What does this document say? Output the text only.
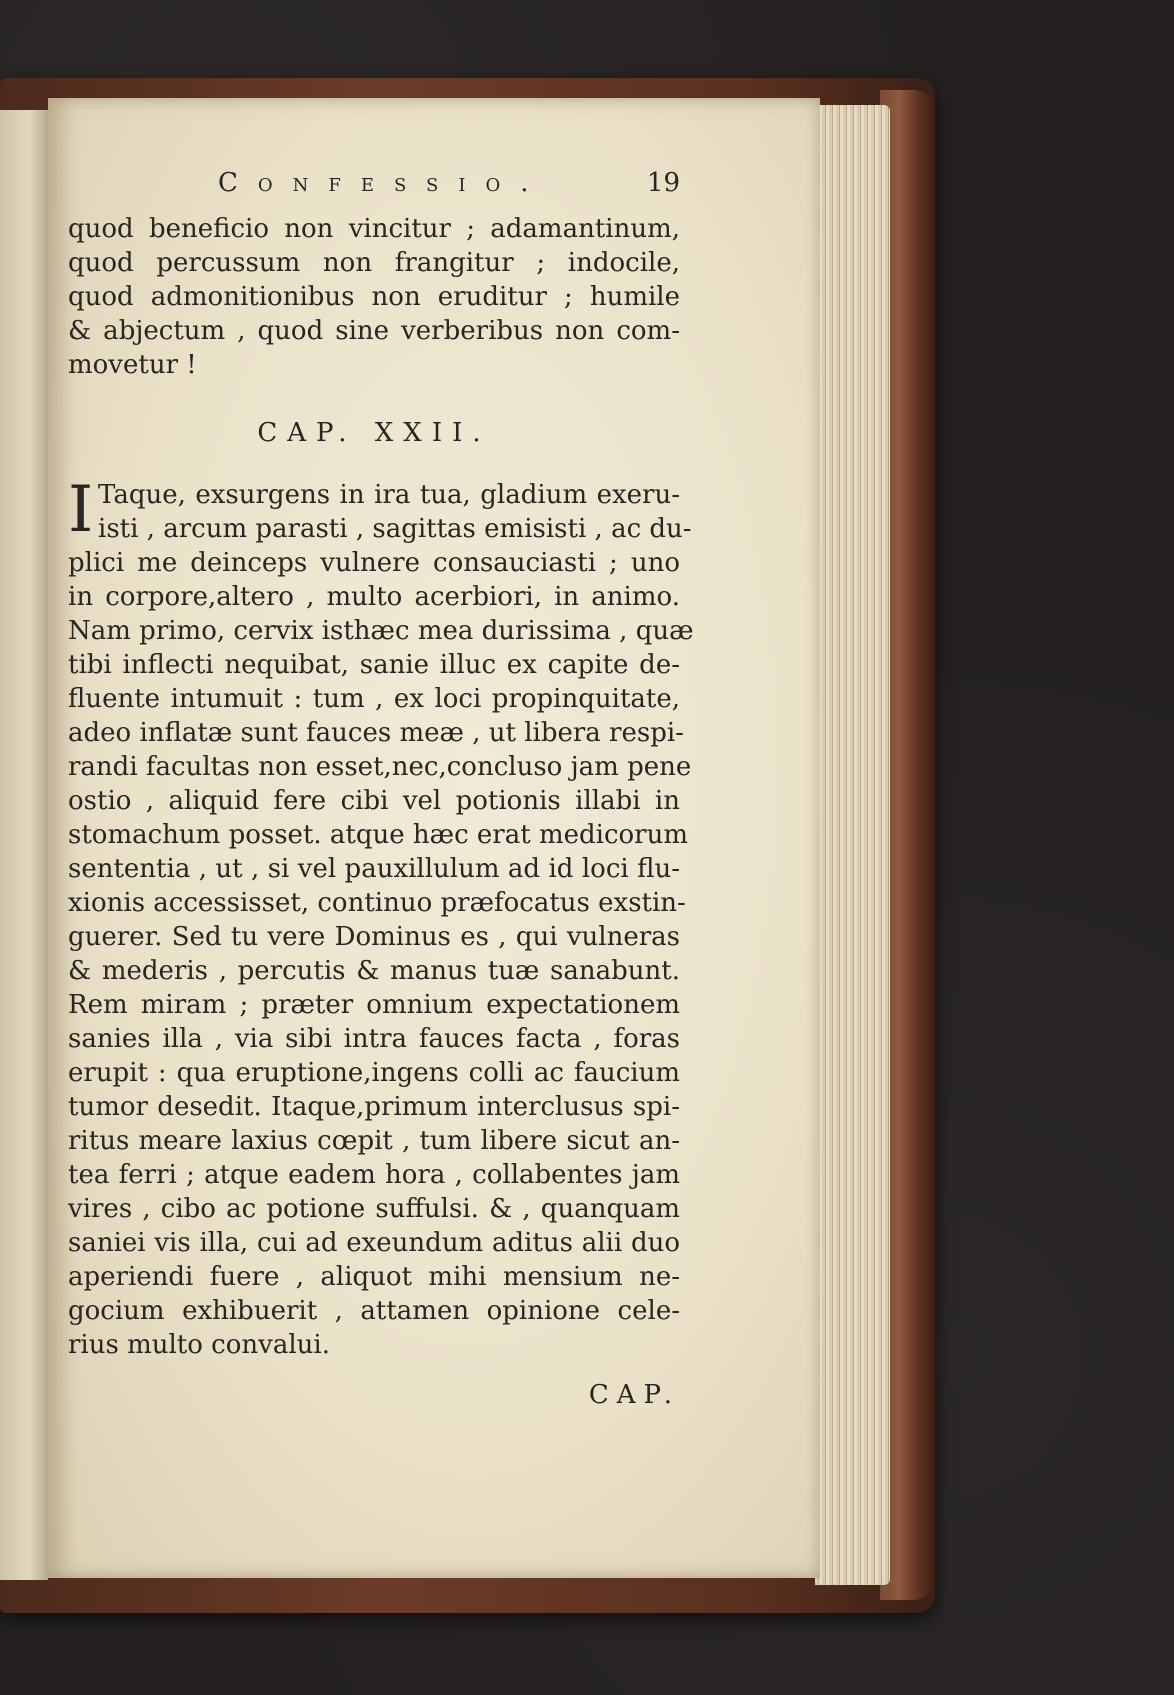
Confessio.	19
quod beneficio non vincitur ; adamantinum,
quod percussum non frangitur ; indocile,
quod admonitionibus non eruditur ; humile
& abjectum , quod sine verberibus non com-
movetur !
CAP. XXII.
I Taque, exsurgens in ira tua, gladium exeru-
isti , arcum parasti , sagittas emisisti , ac du-
plici me deinceps vulnere consauciasti ; uno
in corpore,altero , multo acerbiori, in animo.
Nam primo, cervix isthæc mea durissima , quæ
tibi inflecti nequibat, sanie illuc ex capite de-
fluente intumuit : tum , ex loci propinquitate,
adeo inflatæ sunt fauces meæ , ut libera respi-
randi facultas non esset,nec,concluso jam pene
ostio , aliquid fere cibi vel potionis illabi in
stomachum posset. atque hæc erat medicorum
sententia , ut , si vel pauxillulum ad id loci flu-
xionis accessisset, continuo præfocatus exstin-
guerer. Sed tu vere Dominus es , qui vulneras
& mederis , percutis & manus tuæ sanabunt.
Rem miram ; præter omnium expectationem
sanies illa , via sibi intra fauces facta , foras
erupit : qua eruptione,ingens colli ac faucium
tumor desedit. Itaque,primum interclusus spi-
ritus meare laxius cœpit , tum libere sicut an-
tea ferri ; atque eadem hora , collabentes jam
vires , cibo ac potione suffulsi. & , quanquam
saniei vis illa, cui ad exeundum aditus alii duo
aperiendi fuere , aliquot mihi mensium ne-
gocium exhibuerit , attamen opinione cele-
rius multo convalui.
CAP.
